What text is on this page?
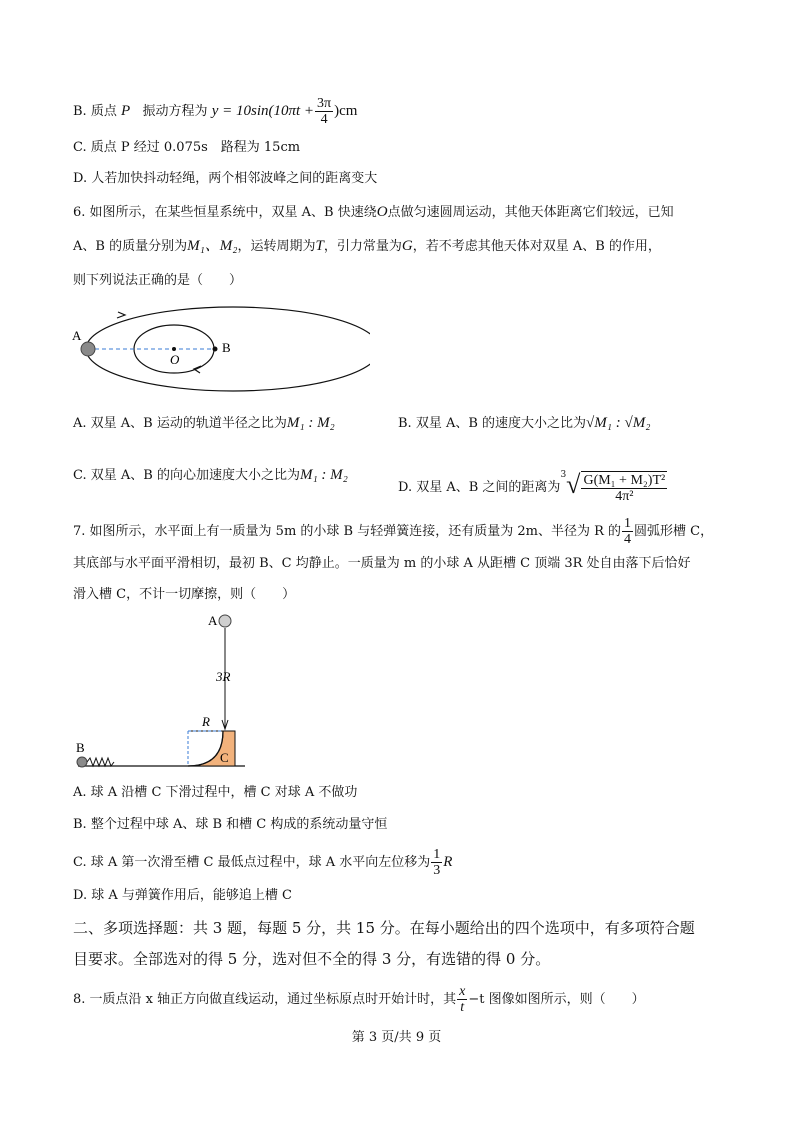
B. 质点 P 振动方程为 $y = 10\sin(10\pi t + \frac{3\pi}{4} )cm$
C. 质点 P 经过 0.075s　路程为 15cm
D. 人若加快抖动轻绳，两个相邻波峰之间的距离变大
6. 如图所示，在某些恒星系统中，双星 A、B 快速绕O点做匀速圆周运动，其他天体距离它们较远，已知
A、B 的质量分别为M₁、M₂，运转周期为T，引力常量为G，若不考虑其他天体对双星 A、B 的作用，
则下列说法正确的是（　　）
A
B
O
A. 双星 A、B 运动的轨道半径之比为M₁ : M₂	B. 双星 A、B 的速度大小之比为√M₁ : √M₂
C. 双星 A、B 的向心加速度大小之比为M₁ : M₂
D. 双星 A、B 之间的距离为$^3√ \frac{\text{G(M₁ + M₂)T²}}{\text{4π²}}$
7. 如图所示，水平面上有一质量为 5m 的小球 B 与轻弹簧连接，还有质量为 2m、半径为 R 的 $\frac{1}{4}$ 圆弧形槽 C，
其底部与水平面平滑相切，最初 B、C 均静止。一质量为 m 的小球 A 从距槽 C 顶端 3R 处自由落下后恰好
滑入槽 C，不计一切摩擦，则（　　）
A
B
C
R
3R
A. 球 A 沿槽 C 下滑过程中，槽 C 对球 A 不做功
B. 整个过程中球 A、球 B 和槽 C 构成的系统动量守恒
C. 球 A 第一次滑至槽 C 最低点过程中，球 A 水平向左位移为 $\frac{1}{3}$ R
D. 球 A 与弹簧作用后，能够追上槽 C
二、多项选择题：共 3 题，每题 5 分，共 15 分。在每小题给出的四个选项中，有多项符合题
目要求。全部选对的得 5 分，选对但不全的得 3 分，有选错的得 0 分。
8. 一质点沿 x 轴正方向做直线运动，通过坐标原点时开始计时，其 $\frac{x}{t} -t$ 图像如图所示，则（　　）
第 3 页/共 9 页
